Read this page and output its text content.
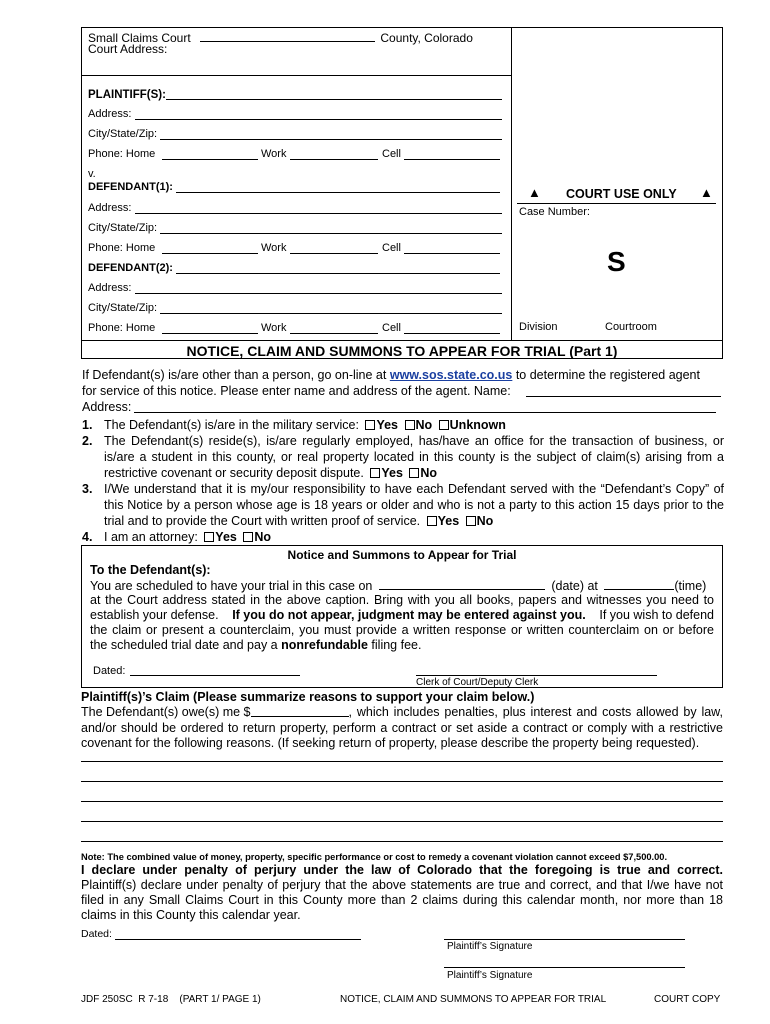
Small Claims Court	County, Colorado
Court Address:
PLAINTIFF(S):
Address:
City/State/Zip:
Phone: Home	Work	Cell
v.
DEFENDANT(1):
Address:
City/State/Zip:
Phone: Home	Work	Cell
DEFENDANT(2):
Address:
City/State/Zip:
Phone: Home	Work	Cell
▲ COURT USE ONLY ▲
Case Number:
S
Division	Courtroom
NOTICE, CLAIM AND SUMMONS TO APPEAR FOR TRIAL (Part 1)
If Defendant(s) is/are other than a person, go on-line at www.sos.state.co.us to determine the registered agent
for service of this notice. Please enter name and address of the agent. Name:
Address:
1. The Defendant(s) is/are in the military service: Yes No Unknown
2. The Defendant(s) reside(s), is/are regularly employed, has/have an office for the transaction of business, or
is/are a student in this county, or real property located in this county is the subject of claim(s) arising from a
restrictive covenant or security deposit dispute. Yes No
3. I/We understand that it is my/our responsibility to have each Defendant served with the “Defendant’s Copy” of
this Notice by a person whose age is 18 years or older and who is not a party to this action 15 days prior to the
trial and to provide the Court with written proof of service. Yes No
4. I am an attorney: Yes No
Notice and Summons to Appear for Trial
To the Defendant(s):
You are scheduled to have your trial in this case on	(date) at	(time)
at the Court address stated in the above caption. Bring with you all books, papers and witnesses you need to
establish your defense. If you do not appear, judgment may be entered against you. If you wish to defend
the claim or present a counterclaim, you must provide a written response or written counterclaim on or before
the scheduled trial date and pay a nonrefundable filing fee.
Dated:
Clerk of Court/Deputy Clerk
Plaintiff(s)’s Claim (Please summarize reasons to support your claim below.)
The Defendant(s) owe(s) me $	, which includes penalties, plus interest and costs allowed by law,
and/or should be ordered to return property, perform a contract or set aside a contract or comply with a restrictive
covenant for the following reasons. (If seeking return of property, please describe the property being requested).
Note: The combined value of money, property, specific performance or cost to remedy a covenant violation cannot exceed $7,500.00.
I declare under penalty of perjury under the law of Colorado that the foregoing is true and correct.
Plaintiff(s) declare under penalty of perjury that the above statements are true and correct, and that I/we have not
filed in any Small Claims Court in this County more than 2 claims during this calendar month, nor more than 18
claims in this County this calendar year.
Dated:
Plaintiff’s Signature
Plaintiff’s Signature
JDF 250SC  R 7-18    (PART 1/ PAGE 1)	NOTICE, CLAIM AND SUMMONS TO APPEAR FOR TRIAL	COURT COPY
